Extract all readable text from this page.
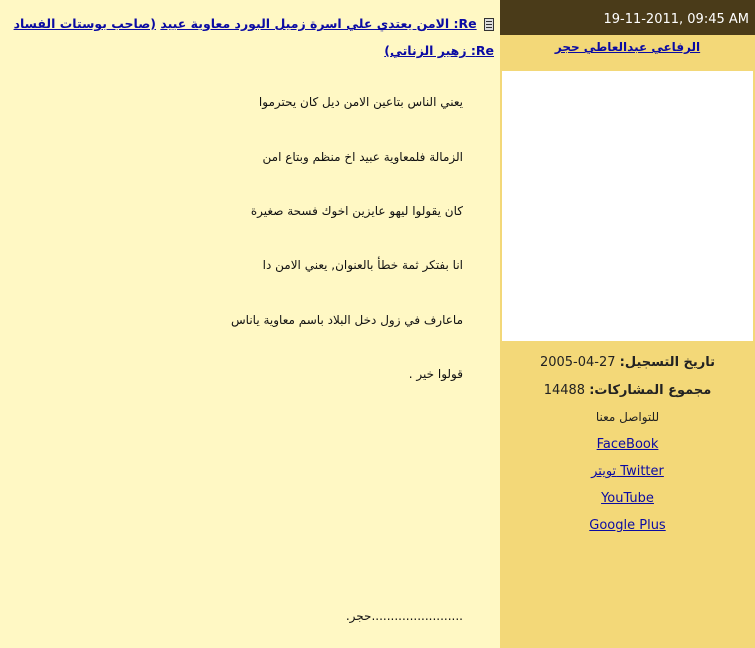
19-11-2011, 09:45 AM
Re: الامن يعتدي علي اسرة زميل البورد معاوية عبيد (صاحب بوستات الفساد Re: زهير الزناتي)	الرفاعي عبدالعاطي حجر
تاريخ التسجيل: 27-04-2005
مجموع المشاركات: 14488
للتواصل معنا
FaceBook
تويتر Twitter
YouTube
Google Plus
يعني الناس بتاعين الامن ديل كان يحترموا
الزمالة فلمعاوية عبيد اخ منظم وبتاع امن
كان يقولوا ليهو عايزين اخوك فسحة صغيرة
انا بفتكر ثمة خطأ بالعنوان, يعني الامن دا
ماعارف في زول دخل البلاد باسم معاوية ياناس
قولوا خير .
........................حجر.
